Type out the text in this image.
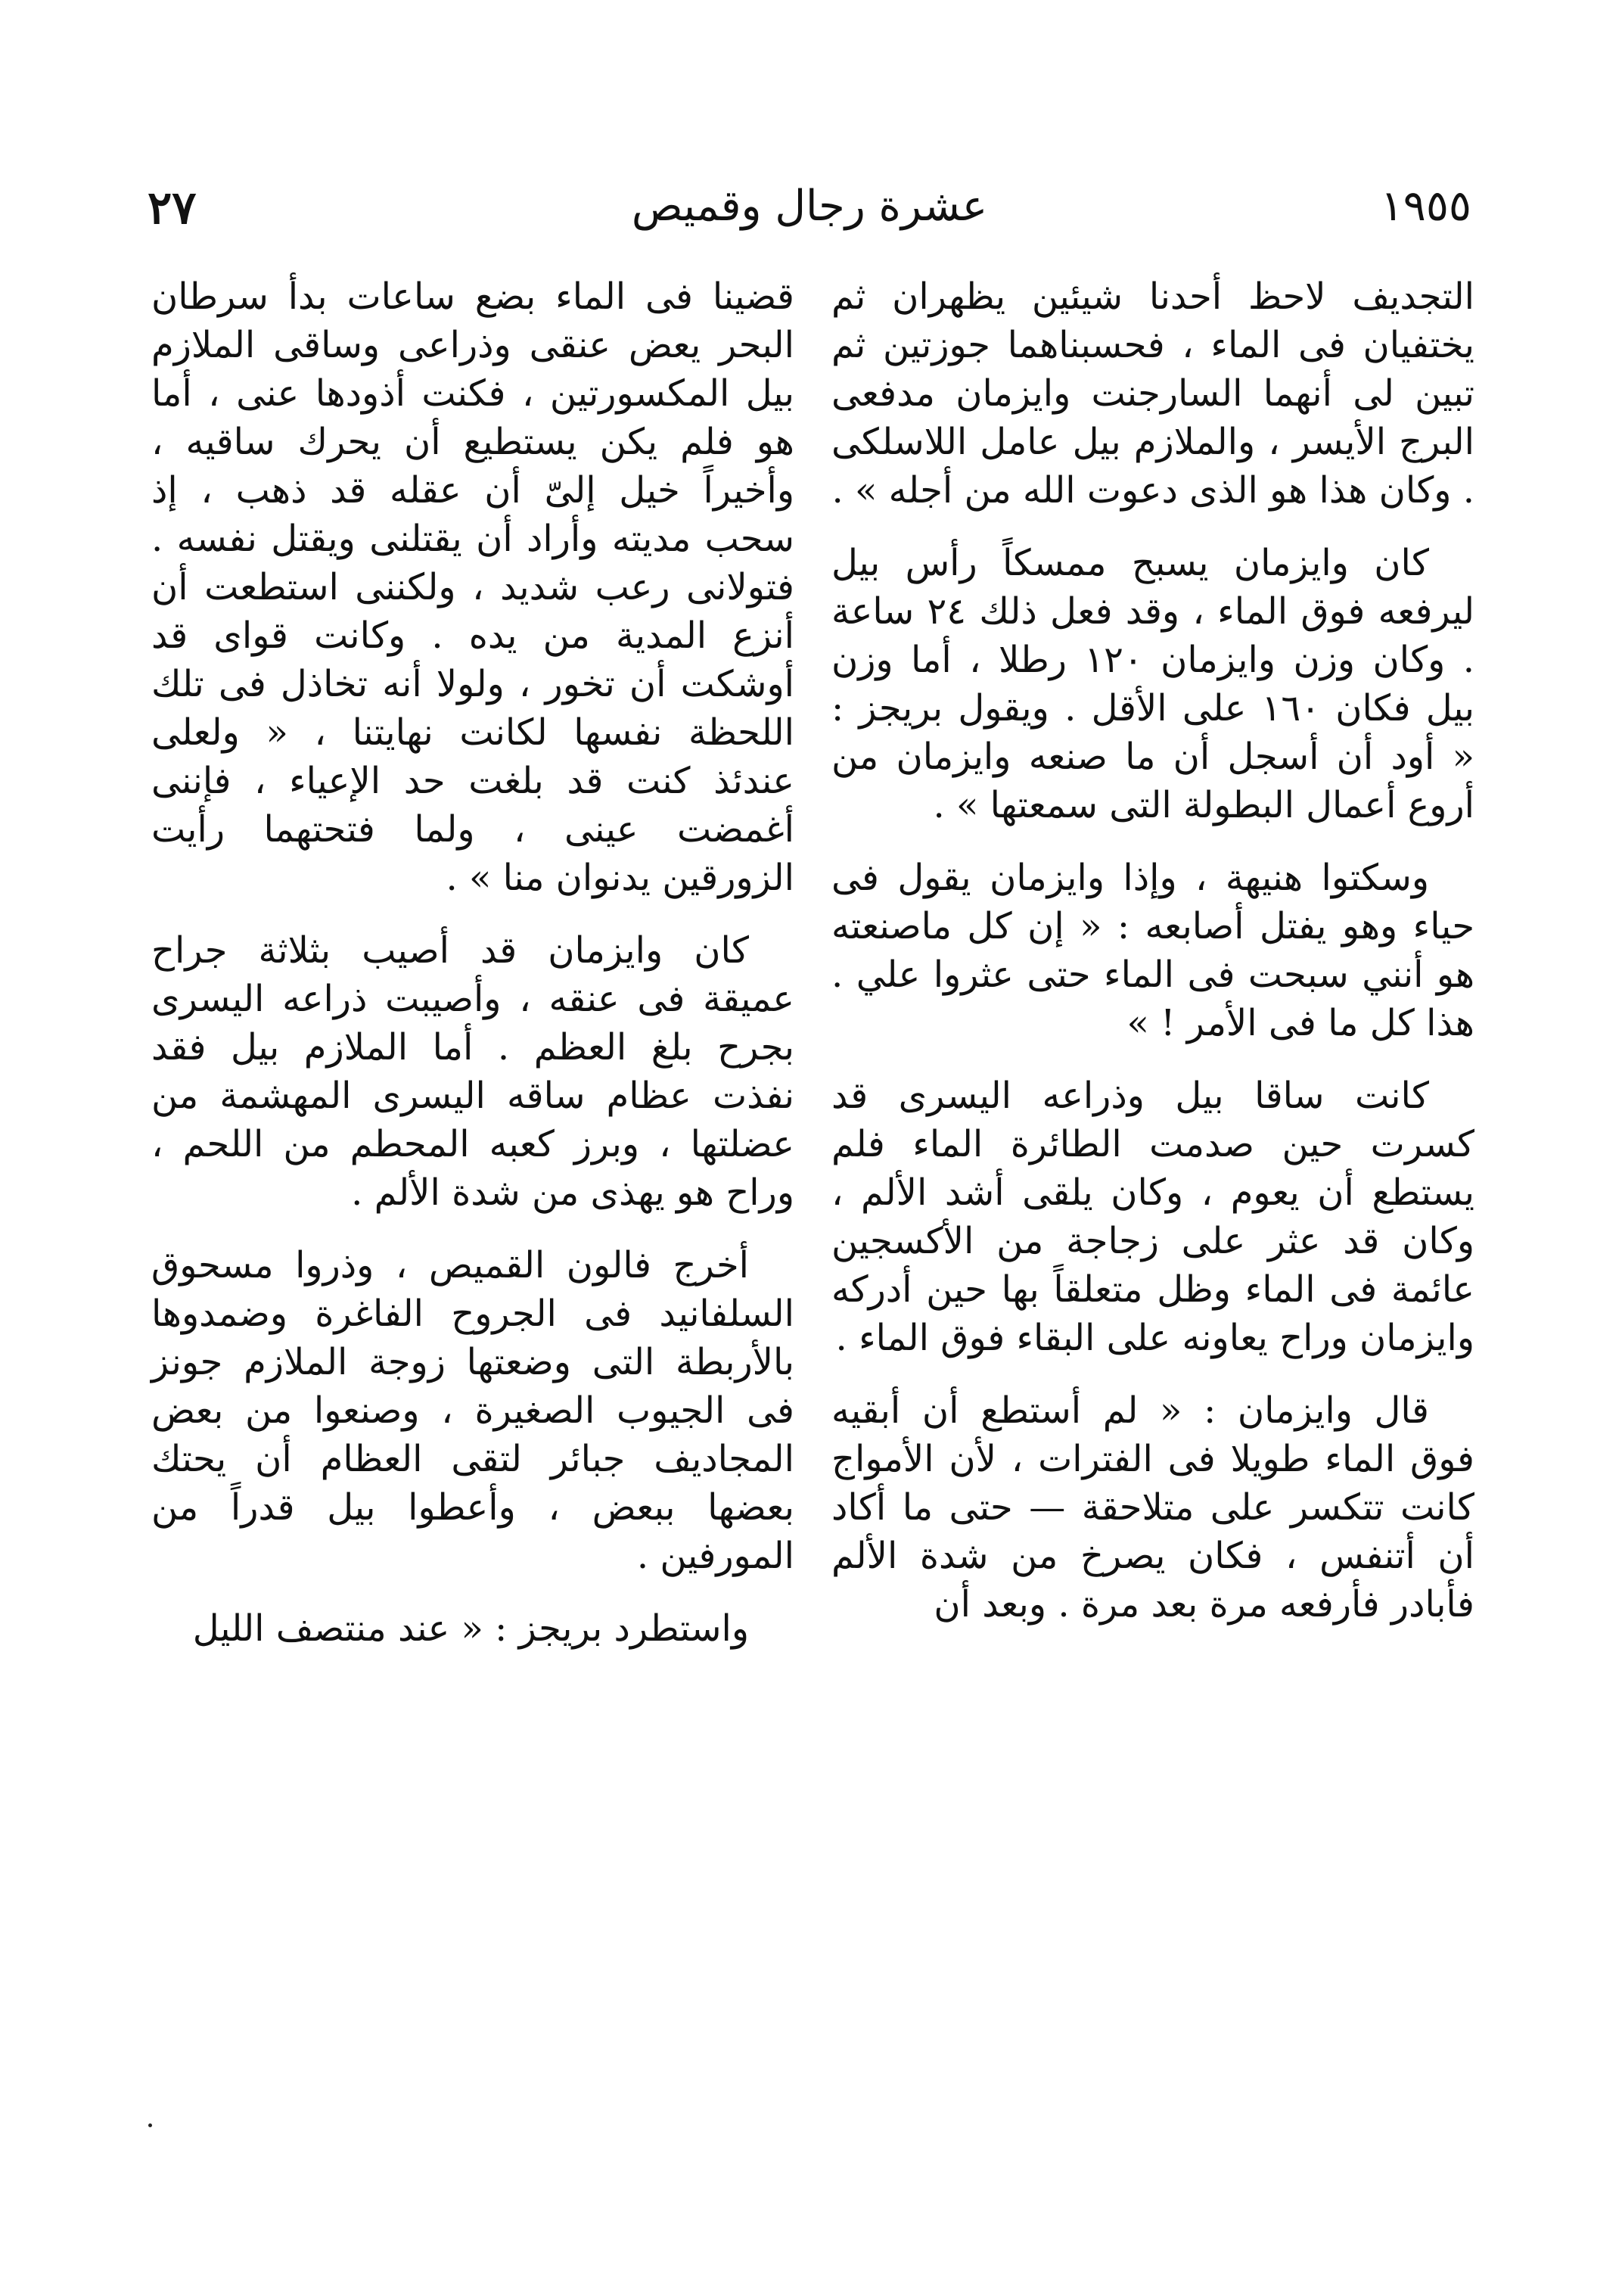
١٩٥٥
عشرة رجال وقميص
٢٧

التجديف لاحظ أحدنا شيئين يظهران ثم يختفيان فى الماء ، فحسبناهما جوزتين ثم تبين لى أنهما السارجنت وايزمان مدفعى البرج الأيسر ، والملازم بيل عامل اللاسلكى . وكان هذا هو الذى دعوت الله من أجله » .

كان وايزمان يسبح ممسكاً رأس بيل ليرفعه فوق الماء ، وقد فعل ذلك ٢٤ ساعة . وكان وزن وايزمان ١٢٠ رطلا ، أما وزن بيل فكان ١٦٠ على الأقل . ويقول بريجز : « أود أن أسجل أن ما صنعه وايزمان من أروع أعمال البطولة التى سمعتها » .

وسكتوا هنيهة ، وإذا وايزمان يقول فى حياء وهو يفتل أصابعه : « إن كل ماصنعته هو أنني سبحت فى الماء حتى عثروا علي . هذا كل ما فى الأمر ! »

كانت ساقا بيل وذراعه اليسرى قد كسرت حين صدمت الطائرة الماء فلم يستطع أن يعوم ، وكان يلقى أشد الألم ، وكان قد عثر على زجاجة من الأكسجين عائمة فى الماء وظل متعلقاً بها حين أدركه وايزمان وراح يعاونه على البقاء فوق الماء .

قال وايزمان : « لم أستطع أن أبقيه فوق الماء طويلا فى الفترات ، لأن الأمواج كانت تتكسر على متلاحقة — حتى ما أكاد أن أتنفس ، فكان يصرخ من شدة الألم فأبادر فأرفعه مرة بعد مرة . وبعد أن

قضينا فى الماء بضع ساعات بدأ سرطان البحر يعض عنقى وذراعى وساقى الملازم بيل المكسورتين ، فكنت أذودها عنى ، أما هو فلم يكن يستطيع أن يحرك ساقيه ، وأخيراً خيل إلىّ أن عقله قد ذهب ، إذ سحب مديته وأراد أن يقتلنى ويقتل نفسه . فتولانى رعب شديد ، ولكننى استطعت أن أنزع المدية من يده . وكانت قواى قد أوشكت أن تخور ، ولولا أنه تخاذل فى تلك اللحظة نفسها لكانت نهايتنا ، « ولعلى عندئذ كنت قد بلغت حد الإعياء ، فإننى أغمضت عينى ، ولما فتحتهما رأيت الزورقين يدنوان منا » .

كان وايزمان قد أصيب بثلاثة جراح عميقة فى عنقه ، وأصيبت ذراعه اليسرى بجرح بلغ العظم . أما الملازم بيل فقد نفذت عظام ساقه اليسرى المهشمة من عضلتها ، وبرز كعبه المحطم من اللحم ، وراح هو يهذى من شدة الألم .

أخرج فالون القميص ، وذروا مسحوق السلفانيد فى الجروح الفاغرة وضمدوها بالأربطة التى وضعتها زوجة الملازم جونز فى الجيوب الصغيرة ، وصنعوا من بعض المجاديف جبائر لتقى العظام أن يحتك بعضها ببعض ، وأعطوا بيل قدراً من المورفين .

واستطرد بريجز : « عند منتصف الليل
